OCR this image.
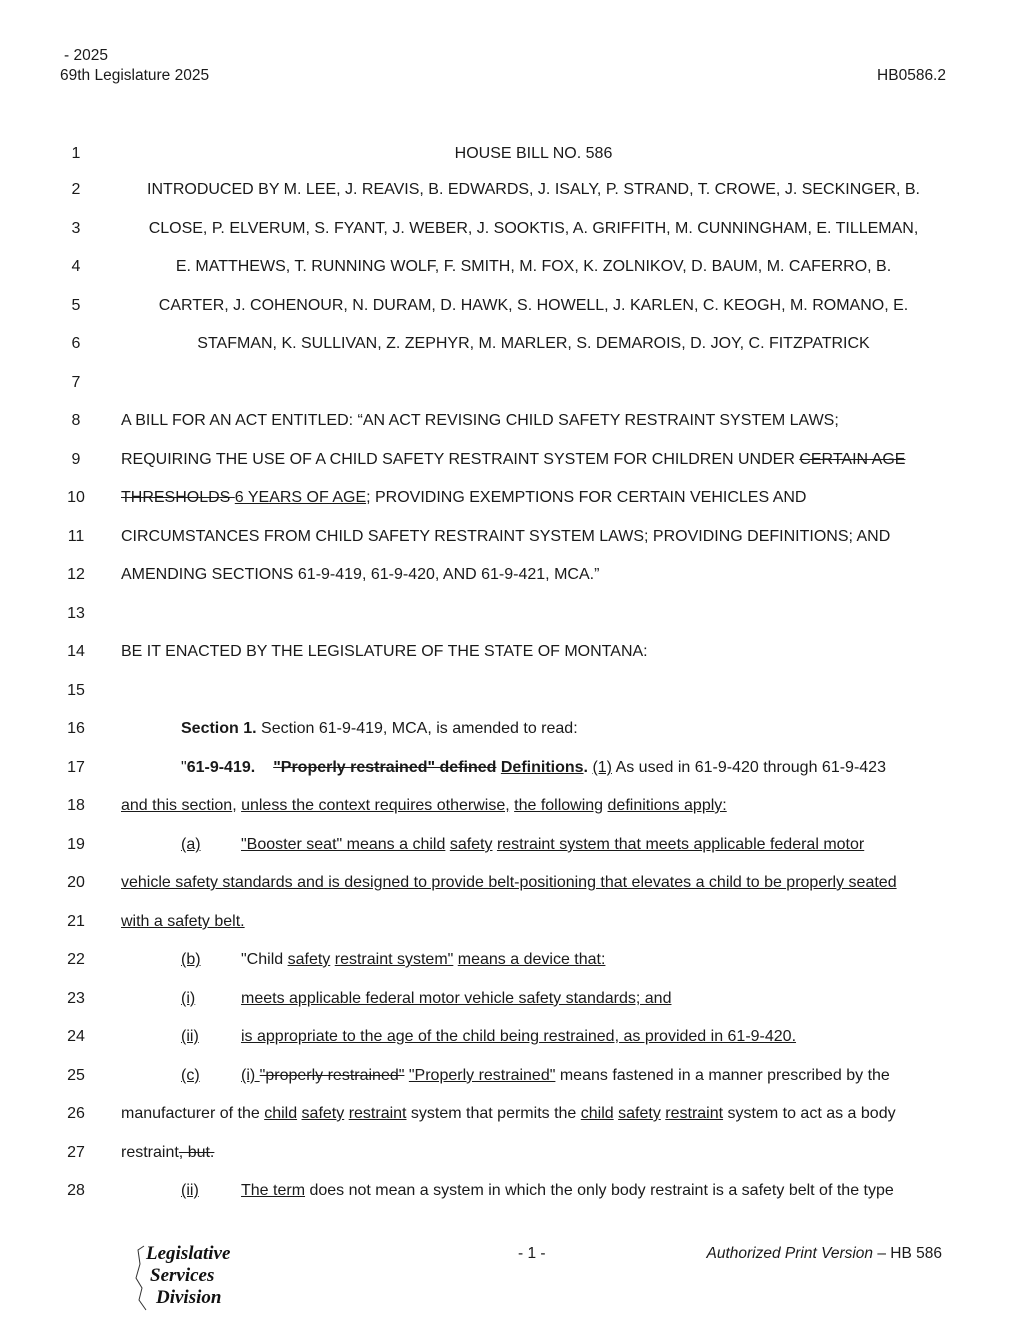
- 2025
69th Legislature 2025	HB0586.2
1	HOUSE BILL NO. 586
2	INTRODUCED BY M. LEE, J. REAVIS, B. EDWARDS, J. ISALY, P. STRAND, T. CROWE, J. SECKINGER, B.
3	CLOSE, P. ELVERUM, S. FYANT, J. WEBER, J. SOOKTIS, A. GRIFFITH, M. CUNNINGHAM, E. TILLEMAN,
4	E. MATTHEWS, T. RUNNING WOLF, F. SMITH, M. FOX, K. ZOLNIKOV, D. BAUM, M. CAFERRO, B.
5	CARTER, J. COHENOUR, N. DURAM, D. HAWK, S. HOWELL, J. KARLEN, C. KEOGH, M. ROMANO, E.
6	STAFMAN, K. SULLIVAN, Z. ZEPHYR, M. MARLER, S. DEMAROIS, D. JOY, C. FITZPATRICK
7
8	A BILL FOR AN ACT ENTITLED: “AN ACT REVISING CHILD SAFETY RESTRAINT SYSTEM LAWS;
9	REQUIRING THE USE OF A CHILD SAFETY RESTRAINT SYSTEM FOR CHILDREN UNDER CERTAIN AGE
10	THRESHOLDS 6 YEARS OF AGE; PROVIDING EXEMPTIONS FOR CERTAIN VEHICLES AND
11	CIRCUMSTANCES FROM CHILD SAFETY RESTRAINT SYSTEM LAWS; PROVIDING DEFINITIONS; AND
12	AMENDING SECTIONS 61-9-419, 61-9-420, AND 61-9-421, MCA.”
13
14	BE IT ENACTED BY THE LEGISLATURE OF THE STATE OF MONTANA:
15
16	Section 1. Section 61-9-419, MCA, is amended to read:
17	"61-9-419. "Properly restrained" defined Definitions. (1) As used in 61-9-420 through 61-9-423
18	and this section, unless the context requires otherwise, the following definitions apply:
19	(a)	"Booster seat" means a child safety restraint system that meets applicable federal motor
20	vehicle safety standards and is designed to provide belt-positioning that elevates a child to be properly seated
21	with a safety belt.
22	(b)	"Child safety restraint system" means a device that:
23	(i)	meets applicable federal motor vehicle safety standards; and
24	(ii)	is appropriate to the age of the child being restrained, as provided in 61-9-420.
25	(c)	(i) "properly restrained" "Properly restrained" means fastened in a manner prescribed by the
26	manufacturer of the child safety restraint system that permits the child safety restraint system to act as a body
27	restraint, but.
28	(ii)	The term does not mean a system in which the only body restraint is a safety belt of the type
Legislative
Services
Division
- 1 -	Authorized Print Version – HB 586
